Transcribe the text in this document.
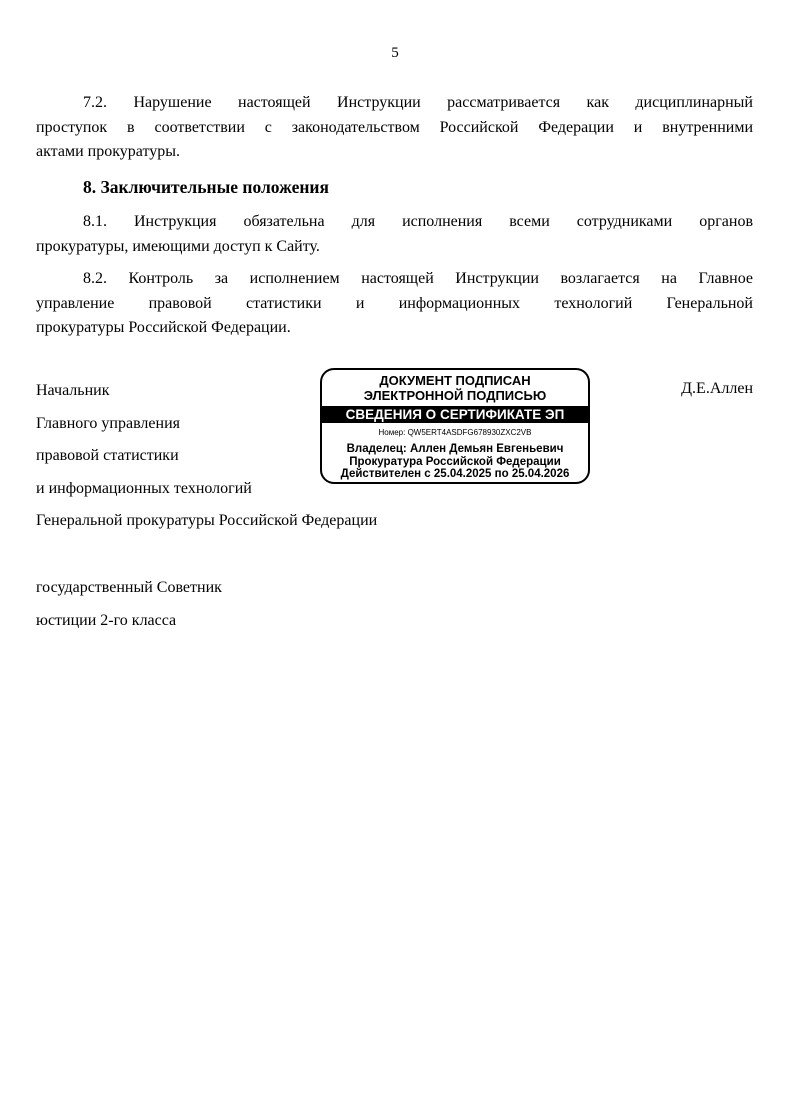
5
7.2. Нарушение настоящей Инструкции рассматривается как дисциплинарный
проступок в соответствии с законодательством Российской Федерации и внутренними
актами прокуратуры.
8. Заключительные положения
8.1. Инструкция обязательна для исполнения всеми сотрудниками органов
прокуратуры, имеющими доступ к Сайту.
8.2. Контроль за исполнением настоящей Инструкции возлагается на Главное
управление правовой статистики и информационных технологий Генеральной
прокуратуры Российской Федерации.
Начальник
Главного управления
правовой статистики
и информационных технологий
Генеральной прокуратуры Российской Федерации
государственный Советник
юстиции 2-го класса
Д.Е.Аллен
ДОКУМЕНТ ПОДПИСАН
ЭЛЕКТРОННОЙ ПОДПИСЬЮ
СВЕДЕНИЯ О СЕРТИФИКАТЕ ЭП
Номер: QW5ERT4ASDFG678930ZXC2VB
Владелец: Аллен Демьян Евгеньевич
Прокуратура Российской Федерации
Действителен с 25.04.2025 по 25.04.2026
